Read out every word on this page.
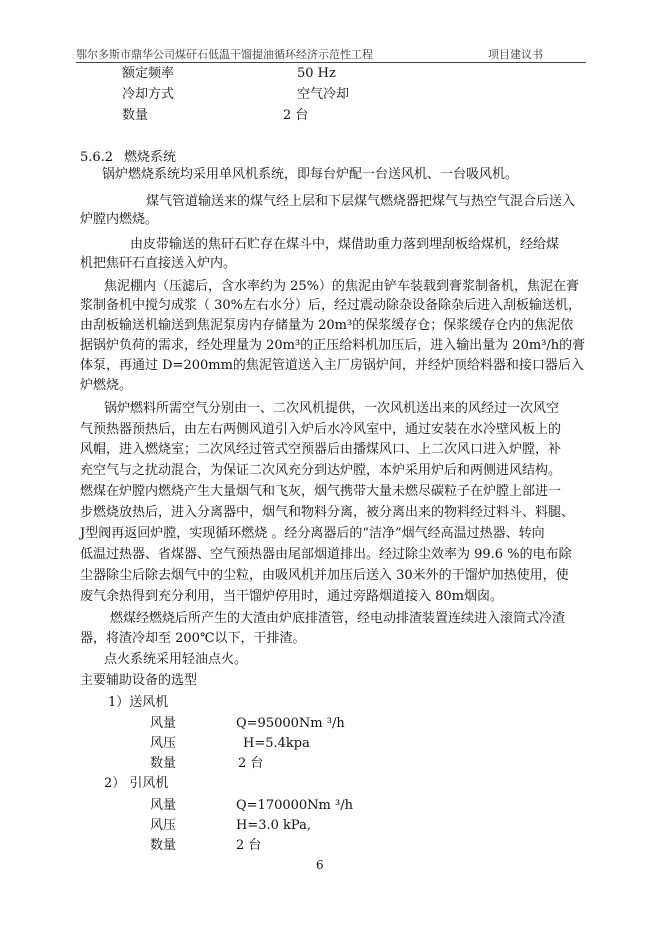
鄂尔多斯市鼎华公司煤矸石低温干馏提油循环经济示范性工程	项目建议书
额定频率	50 Hz
冷却方式	空气冷却
数量	2 台
5.6.2 燃烧系统
锅炉燃烧系统均采用单风机系统，即每台炉配一台送风机、一台吸风机。
煤气管道输送来的煤气经上层和下层煤气燃烧器把煤气与热空气混合后送入
炉膛内燃烧。
由皮带输送的焦矸石贮存在煤斗中，煤借助重力落到埋刮板给煤机，经给煤
机把焦矸石直接送入炉内。
焦泥棚内（压滤后，含水率约为 25%）的焦泥由铲车装载到膏浆制备机，焦泥在膏
浆制备机中搅匀成浆（ 30%左右水分）后，经过震动除杂设备除杂后进入刮板输送机，
由刮板输送机输送到焦泥泵房内存储量为 20m³的保浆缓存仓；保浆缓存仓内的焦泥依
据锅炉负荷的需求，经处理量为 20m³的正压给料机加压后，进入输出量为 20m³/h的膏
体泵，再通过 D=200mm的焦泥管道送入主厂房锅炉间，并经炉顶给料器和接口器后入
炉燃烧。
锅炉燃料所需空气分别由一、二次风机提供，一次风机送出来的风经过一次风空
气预热器预热后，由左右两侧风道引入炉后水冷风室中，通过安装在水冷壁风板上的
风帽，进入燃烧室；二次风经过管式空预器后由播煤风口、上二次风口进入炉膛，补
充空气与之扰动混合，为保证二次风充分到达炉膛，本炉采用炉后和两侧进风结构。
燃煤在炉膛内燃烧产生大量烟气和飞灰，烟气携带大量未燃尽碳粒子在炉膛上部进一
步燃烧放热后，进入分离器中，烟气和物料分离，被分离出来的物料经过料斗、料腿、
J型阀再返回炉膛，实现循环燃烧 。经分离器后的“洁净”烟气经高温过热器、转向
低温过热器、省煤器、空气预热器由尾部烟道排出。经过除尘效率为 99.6 %的电布除
尘器除尘后除去烟气中的尘粒，由吸风机并加压后送入 30米外的干馏炉加热使用，使
废气余热得到充分利用，当干馏炉停用时，通过旁路烟道接入 80m烟囱。
燃煤经燃烧后所产生的大渣由炉底排渣管，经电动排渣装置连续进入滚筒式冷渣
器，将渣冷却至 200℃以下，干排渣。
点火系统采用轻油点火。
主要辅助设备的选型
1）送风机
风量	Q=95000Nm ³/h
风压	H=5.4kpa
数量	2 台
2） 引风机
风量	Q=170000Nm ³/h
风压	H=3.0 kPa,
数量	2 台
6
